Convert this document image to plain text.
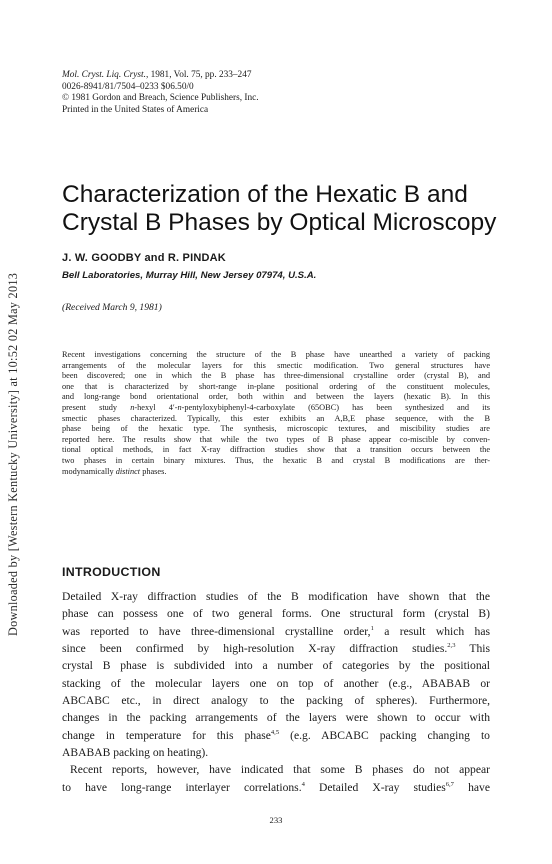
Downloaded by [Western Kentucky University] at 10:52 02 May 2013
Mol. Cryst. Liq. Cryst., 1981, Vol. 75, pp. 233–247
0026-8941/81/7504–0233 $06.50/0
© 1981 Gordon and Breach, Science Publishers, Inc.
Printed in the United States of America
Characterization of the Hexatic B and
Crystal B Phases by Optical Microscopy
J. W. GOODBY and R. PINDAK
Bell Laboratories, Murray Hill, New Jersey 07974, U.S.A.
(Received March 9, 1981)
Recent investigations concerning the structure of the B phase have unearthed a variety of packing
arrangements of the molecular layers for this smectic modification. Two general structures have
been discovered; one in which the B phase has three-dimensional crystalline order (crystal B), and
one that is characterized by short-range in-plane positional ordering of the constituent molecules,
and long-range bond orientational order, both within and between the layers (hexatic B). In this
present study n-hexyl 4′-n-pentyloxybiphenyl-4-carboxylate (65OBC) has been synthesized and its
smectic phases characterized. Typically, this ester exhibits an A,B,E phase sequence, with the B
phase being of the hexatic type. The synthesis, microscopic textures, and miscibility studies are
reported here. The results show that while the two types of B phase appear co-miscible by conven-
tional optical methods, in fact X-ray diffraction studies show that a transition occurs between the
two phases in certain binary mixtures. Thus, the hexatic B and crystal B modifications are ther-
modynamically distinct phases.
INTRODUCTION
Detailed X-ray diffraction studies of the B modification have shown that the
phase can possess one of two general forms. One structural form (crystal B)
was reported to have three-dimensional crystalline order,$^1$ a result which has
since been confirmed by high-resolution X-ray diffraction studies.$^{2,3}$ This
crystal B phase is subdivided into a number of categories by the positional
stacking of the molecular layers one on top of another (e.g., ABABAB or
ABCABC etc., in direct analogy to the packing of spheres). Furthermore,
changes in the packing arrangements of the layers were shown to occur with
change in temperature for this phase$^{4,5}$ (e.g. ABCABC packing changing to
ABABAB packing on heating).
Recent reports, however, have indicated that some B phases do not appear
to have long-range interlayer correlations.$^4$ Detailed X-ray studies$^{6,7}$ have
233
